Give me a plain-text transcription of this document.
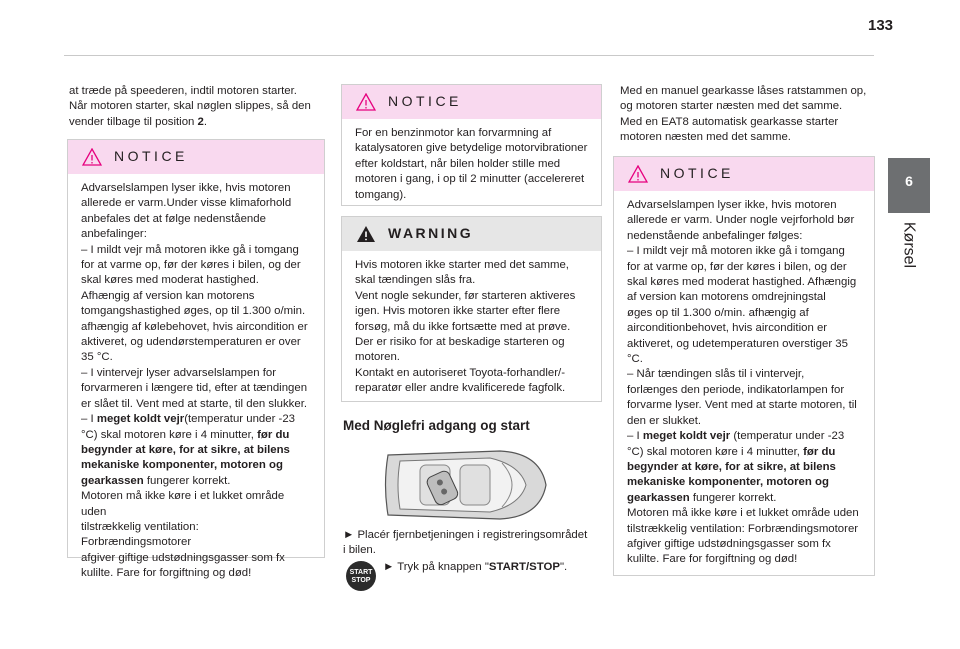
133
6
Kørsel

at træde på speederen, indtil motoren starter.

Når motoren starter, skal nøglen slippes, så den

vender tilbage til position 2.

NOTICE

Advarselslampen lyser ikke, hvis motoren

allerede er varm.Under visse klimaforhold

anbefales det at følge nedenstående

anbefalinger:

– I mildt vejr må motoren ikke gå i tomgang

for at varme op, før der køres i bilen, og der

skal køres med moderat hastighed.

Afhængig af version kan motorens

tomgangshastighed øges, op til 1.300 o/min.

afhængig af kølebehovet, hvis aircondition er

aktiveret, og udendørstemperaturen er over

35 °C.

– I vintervejr lyser advarselslampen for

forvarmeren i længere tid, efter at tændingen

er slået til. Vent med at starte, til den slukker.

– I meget koldt vejr(temperatur under -23

°C) skal motoren køre i 4 minutter, før du

begynder at køre, for at sikre, at bilens

mekaniske komponenter, motoren og

gearkassen fungerer korrekt.

Motoren må ikke køre i et lukket område uden

tilstrækkelig ventilation: Forbrændingsmotorer

afgiver giftige udstødningsgasser som fx

kulilte. Fare for forgiftning og død!

NOTICE

For en benzinmotor kan forvarmning af

katalysatoren give betydelige motorvibrationer

efter koldstart, når bilen holder stille med

motoren i gang, i op til 2 minutter (accelereret

tomgang).

WARNING

Hvis motoren ikke starter med det samme,

skal tændingen slås fra.

Vent nogle sekunder, før starteren aktiveres

igen. Hvis motoren ikke starter efter flere

forsøg, må du ikke fortsætte med at prøve.

Der er risiko for at beskadige starteren og

motoren.

Kontakt en autoriseret Toyota-forhandler/-

reparatør eller andre kvalificerede fagfolk.

Med Nøglefri adgang og start

► Placér fjernbetjeningen i registreringsområdet

i bilen.

START
STOP

► Tryk på knappen "START/STOP".

Med en manuel gearkasse låses ratstammen op,

og motoren starter næsten med det samme.

Med en EAT8 automatisk gearkasse starter

motoren næsten med det samme.

NOTICE

Advarselslampen lyser ikke, hvis motoren

allerede er varm. Under nogle vejrforhold bør

nedenstående anbefalinger følges:

– I mildt vejr må motoren ikke gå i tomgang

for at varme op, før der køres i bilen, og der

skal køres med moderat hastighed. Afhængig

af version kan motorens omdrejningstal

øges op til 1.300 o/min. afhængig af

airconditionbehovet, hvis aircondition er

aktiveret, og udetemperaturen overstiger 35

°C.

– Når tændingen slås til i vintervejr,

forlænges den periode, indikatorlampen for

forvarme lyser. Vent med at starte motoren, til

den er slukket.

– I meget koldt vejr (temperatur under -23

°C) skal motoren køre i 4 minutter, før du

begynder at køre, for at sikre, at bilens

mekaniske komponenter, motoren og

gearkassen fungerer korrekt.

Motoren må ikke køre i et lukket område uden

tilstrækkelig ventilation: Forbrændingsmotorer

afgiver giftige udstødningsgasser som fx

kulilte. Fare for forgiftning og død!
